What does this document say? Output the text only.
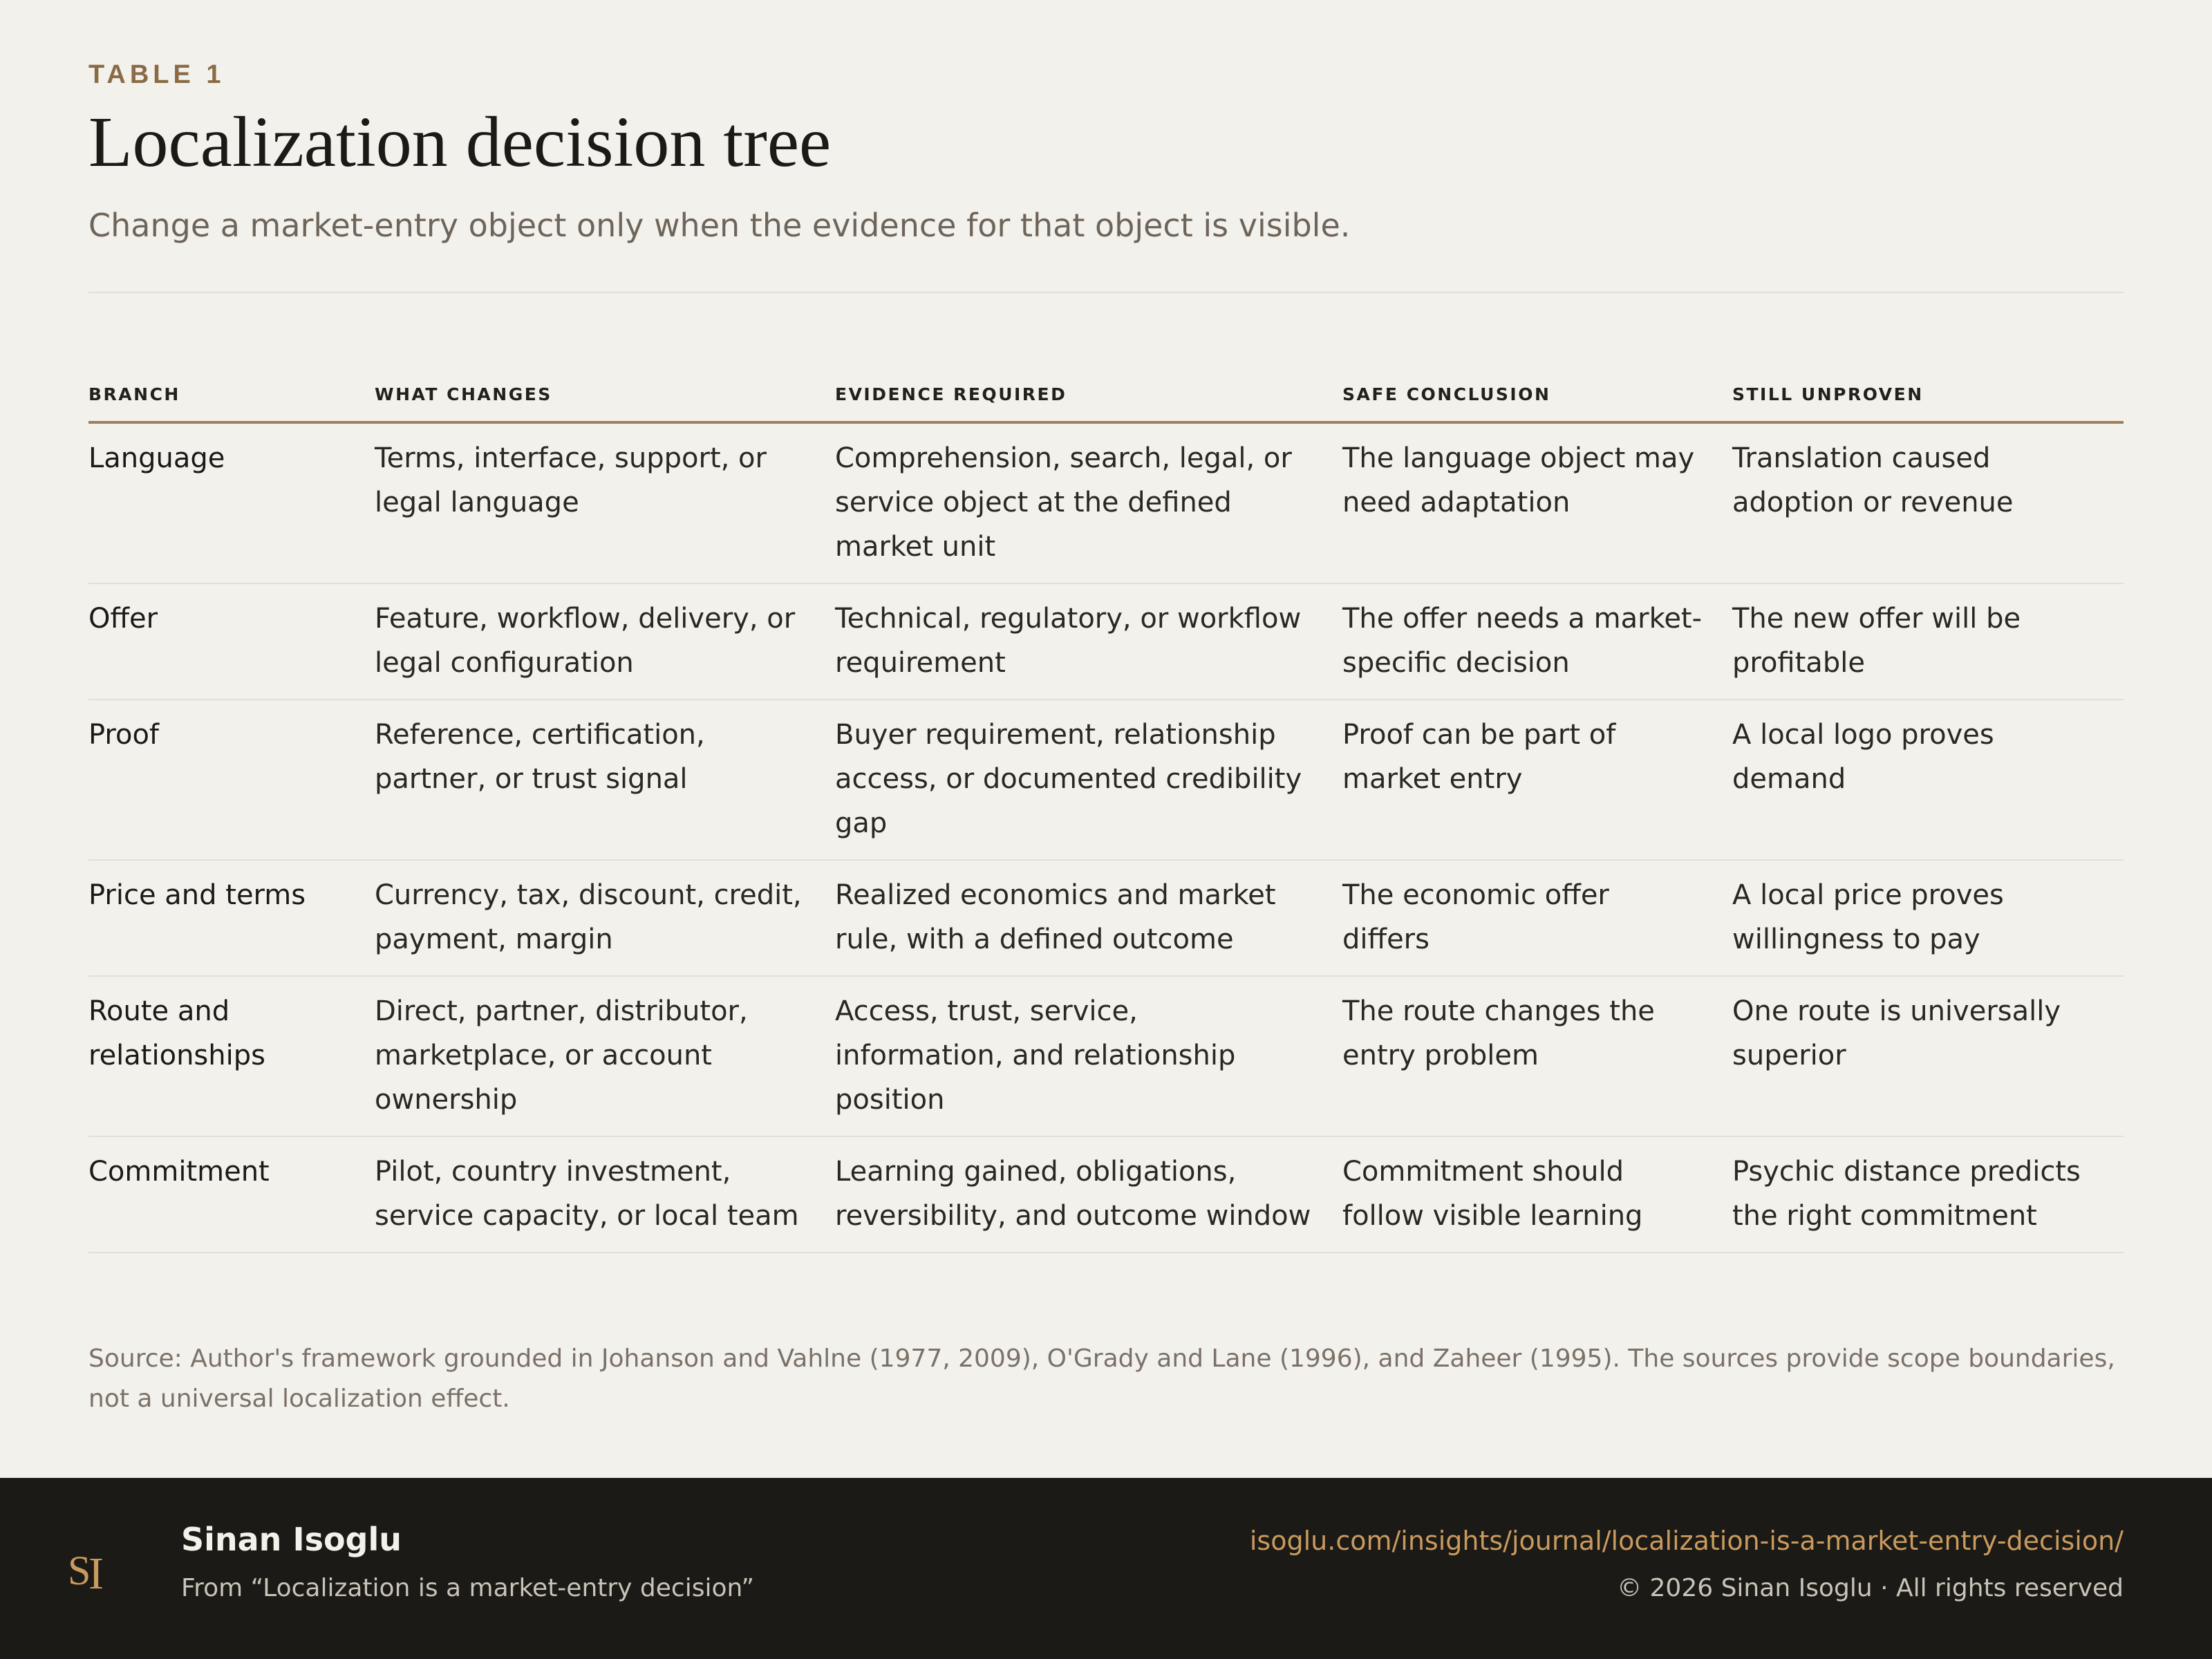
TABLE 1
Localization decision tree

Change a market-entry object only when the evidence for that object is visible.

BRANCH	WHAT CHANGES	EVIDENCE REQUIRED	SAFE CONCLUSION	STILL UNPROVEN
Language	Terms, interface, support, or legal language	Comprehension, search, legal, or service object at the defined market unit	The language object may need adaptation	Translation caused adoption or revenue
Offer	Feature, workflow, delivery, or legal configuration	Technical, regulatory, or workflow requirement	The offer needs a market-specific decision	The new offer will be profitable
Proof	Reference, certification, partner, or trust signal	Buyer requirement, relationship access, or documented credibility gap	Proof can be part of market entry	A local logo proves demand
Price and terms	Currency, tax, discount, credit, payment, margin	Realized economics and market rule, with a defined outcome	The economic offer differs	A local price proves willingness to pay
Route and relationships	Direct, partner, distributor, marketplace, or account ownership	Access, trust, service, information, and relationship position	The route changes the entry problem	One route is universally superior
Commitment	Pilot, country investment, service capacity, or local team	Learning gained, obligations, reversibility, and outcome window	Commitment should follow visible learning	Psychic distance predicts the right commitment

Source: Author's framework grounded in Johanson and Vahlne (1977, 2009), O'Grady and Lane (1996), and Zaheer (1995). The sources provide scope boundaries, not a universal localization effect.

S
I
Sinan Isoglu
From “Localization is a market-entry decision”
isoglu.com/insights/journal/localization-is-a-market-entry-decision/
© 2026 Sinan Isoglu · All rights reserved
